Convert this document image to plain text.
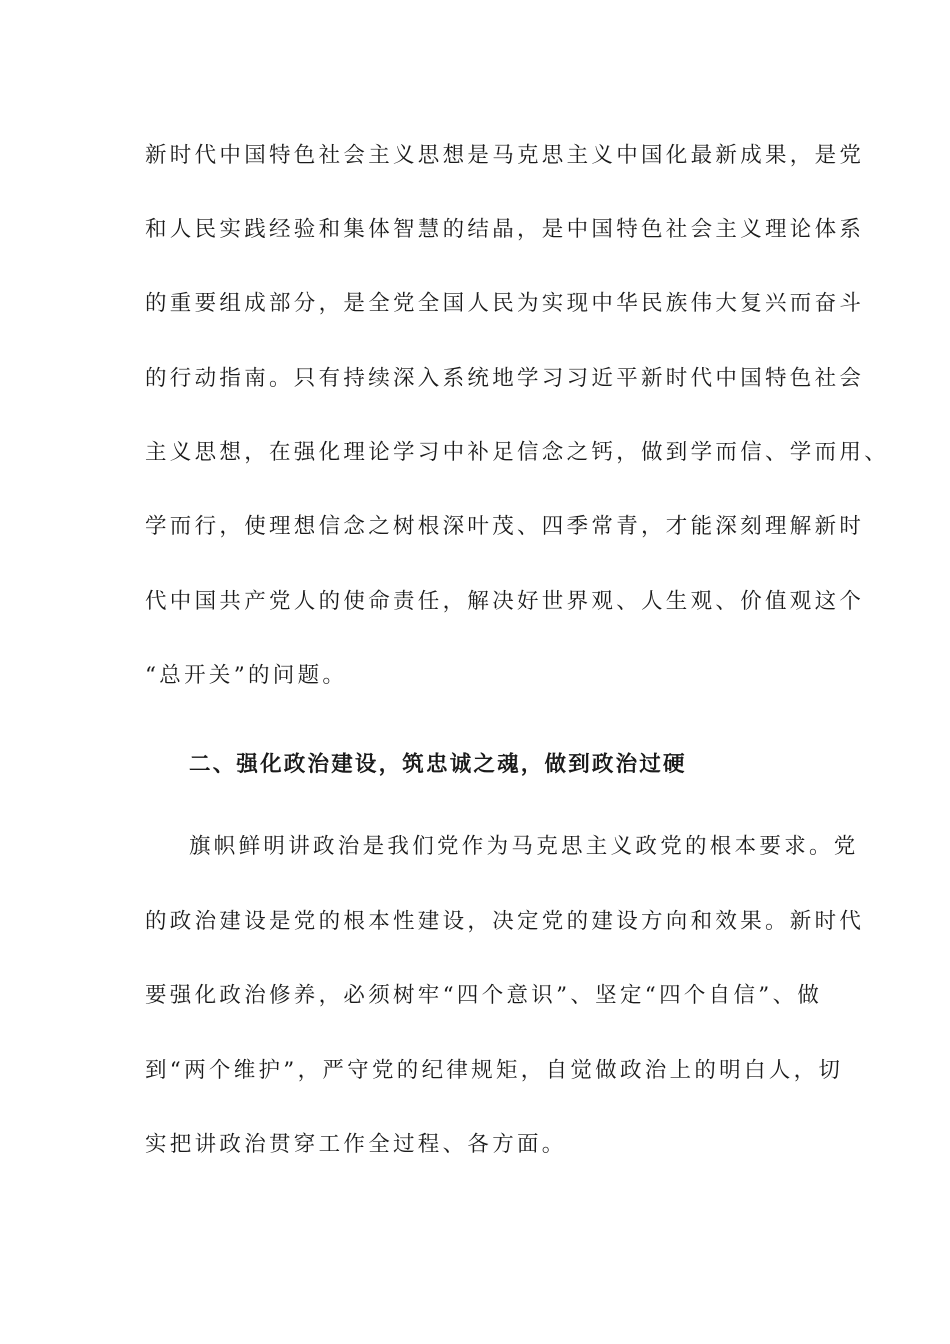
新时代中国特色社会主义思想是马克思主义中国化最新成果，是党
和人民实践经验和集体智慧的结晶，是中国特色社会主义理论体系
的重要组成部分，是全党全国人民为实现中华民族伟大复兴而奋斗
的行动指南。只有持续深入系统地学习习近平新时代中国特色社会
主义思想，在强化理论学习中补足信念之钙，做到学而信、学而用、
学而行，使理想信念之树根深叶茂、四季常青，才能深刻理解新时
代中国共产党人的使命责任，解决好世界观、人生观、价值观这个
“总开关”的问题。
二、强化政治建设，筑忠诚之魂，做到政治过硬
旗帜鲜明讲政治是我们党作为马克思主义政党的根本要求。党
的政治建设是党的根本性建设，决定党的建设方向和效果。新时代
要强化政治修养，必须树牢“四个意识”、坚定“四个自信”、做
到“两个维护”，严守党的纪律规矩，自觉做政治上的明白人，切
实把讲政治贯穿工作全过程、各方面。
